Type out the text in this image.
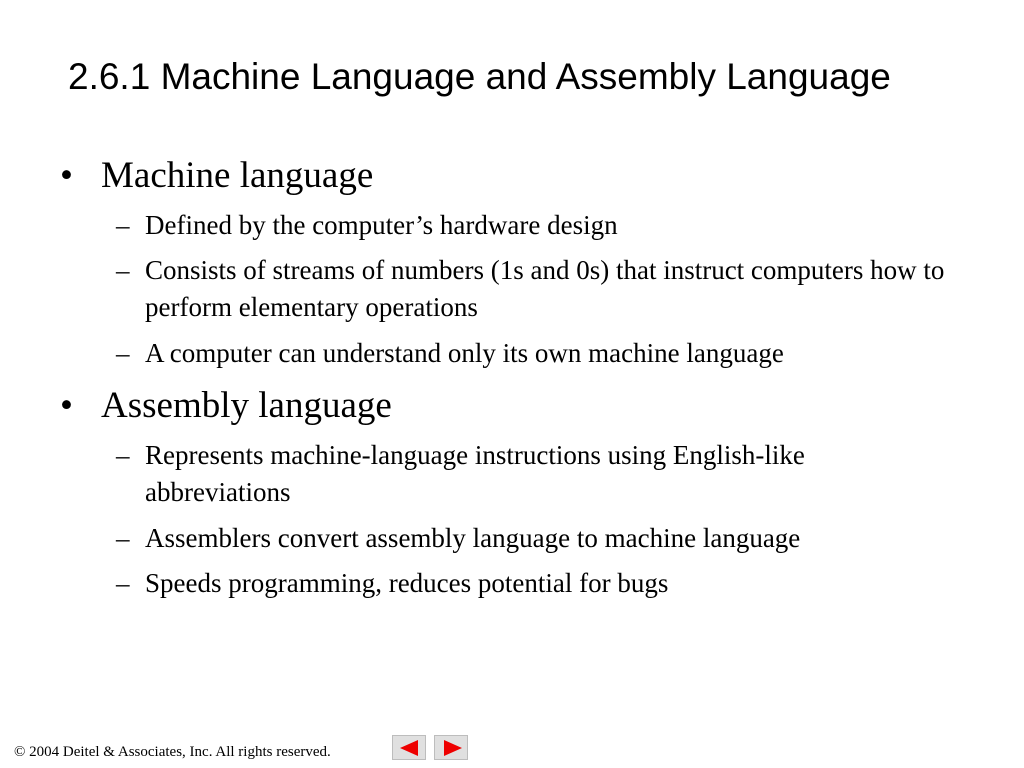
2.6.1 Machine Language and Assembly Language
• Machine language
– Defined by the computer’s hardware design
– Consists of streams of numbers (1s and 0s) that instruct computers how to perform elementary operations
– A computer can understand only its own machine language
• Assembly language
– Represents machine-language instructions using English-like abbreviations
– Assemblers convert assembly language to machine language
– Speeds programming, reduces potential for bugs
© 2004 Deitel & Associates, Inc. All rights reserved.
